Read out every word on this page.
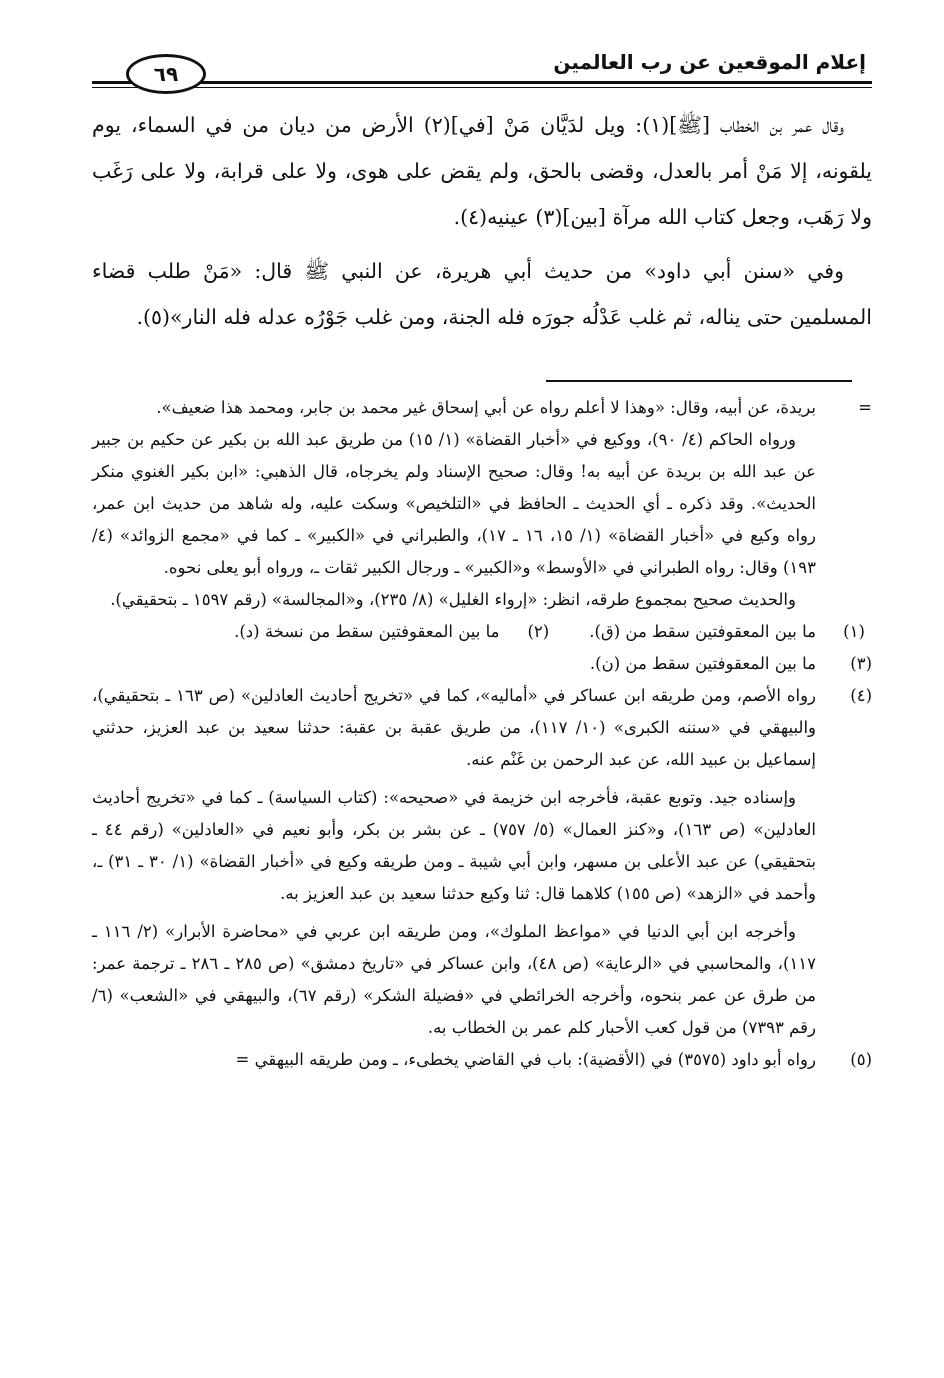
إعلام الموقعين عن رب العالمين
٦٩

وقال عمر بن الخطاب [ﷺ](١): ويل لدَيَّان مَنْ [في](٢) الأرض من ديان من في السماء، يوم يلقونه، إلا مَنْ أمر بالعدل، وقضى بالحق، ولم يقض على هوى، ولا على قرابة، ولا على رَغَب ولا رَهَب، وجعل كتاب الله مرآة [بين](٣) عينيه(٤).

وفي «سنن أبي داود» من حديث أبي هريرة، عن النبي ﷺ قال: «مَنْ طلب قضاء المسلمين حتى يناله، ثم غلب عَدْلُه جورَه فله الجنة، ومن غلب جَوْرُه عدله فله النار»(٥).

=
بريدة، عن أبيه، وقال: «وهذا لا أعلم رواه عن أبي إسحاق غير محمد بن جابر، ومحمد هذا ضعيف».

ورواه الحاكم (٤/ ٩٠)، ووكيع في «أخبار القضاة» (١/ ١٥) من طريق عبد الله بن بكير عن حكيم بن جبير عن عبد الله بن بريدة عن أبيه به! وقال: صحيح الإسناد ولم يخرجاه، قال الذهبي: «ابن بكير الغنوي منكر الحديث». وقد ذكره ـ أي الحديث ـ الحافظ في «التلخيص» وسكت عليه، وله شاهد من حديث ابن عمر، رواه وكيع في «أخبار القضاة» (١/ ١٥، ١٦ ـ ١٧)، والطبراني في «الكبير» ـ كما في «مجمع الزوائد» (٤/ ١٩٣) وقال: رواه الطبراني في «الأوسط» و«الكبير» ـ ورجال الكبير ثقات ـ، ورواه أبو يعلى نحوه.

والحديث صحيح بمجموع طرقه، انظر: «إرواء الغليل» (٨/ ٢٣٥)، و«المجالسة» (رقم ١٥٩٧ ـ بتحقيقي).

(١)
ما بين المعقوفتين سقط من (ق).
(٢)
ما بين المعقوفتين سقط من نسخة (د).

(٣)
ما بين المعقوفتين سقط من (ن).

(٤)
رواه الأصم، ومن طريقه ابن عساكر في «أماليه»، كما في «تخريج أحاديث العادلين» (ص ١٦٣ ـ بتحقيقي)، والبيهقي في «سننه الكبرى» (١٠/ ١١٧)، من طريق عقبة بن عقبة: حدثنا سعيد بن عبد العزيز، حدثني إسماعيل بن عبيد الله، عن عبد الرحمن بن غَنْم عنه.

وإسناده جيد. وتوبع عقبة، فأخرجه ابن خزيمة في «صحيحه»: (كتاب السياسة) ـ كما في «تخريج أحاديث العادلين» (ص ١٦٣)، و«كنز العمال» (٥/ ٧٥٧) ـ عن بشر بن بكر، وأبو نعيم في «العادلين» (رقم ٤٤ ـ بتحقيقي) عن عبد الأعلى بن مسهر، وابن أبي شيبة ـ ومن طريقه وكيع في «أخبار القضاة» (١/ ٣٠ ـ ٣١) ـ، وأحمد في «الزهد» (ص ١٥٥) كلاهما قال: ثنا وكيع حدثنا سعيد بن عبد العزيز به.

وأخرجه ابن أبي الدنيا في «مواعظ الملوك»، ومن طريقه ابن عربي في «محاضرة الأبرار» (٢/ ١١٦ ـ ١١٧)، والمحاسبي في «الرعاية» (ص ٤٨)، وابن عساكر في «تاريخ دمشق» (ص ٢٨٥ ـ ٢٨٦ ـ ترجمة عمر: من طرق عن عمر بنحوه، وأخرجه الخرائطي في «فضيلة الشكر» (رقم ٦٧)، والبيهقي في «الشعب» (٦/ رقم ٧٣٩٣) من قول كعب الأحبار كلم عمر بن الخطاب به.

(٥)
رواه أبو داود (٣٥٧٥) في (الأقضية): باب في القاضي يخطىء، ـ ومن طريقه البيهقي =
